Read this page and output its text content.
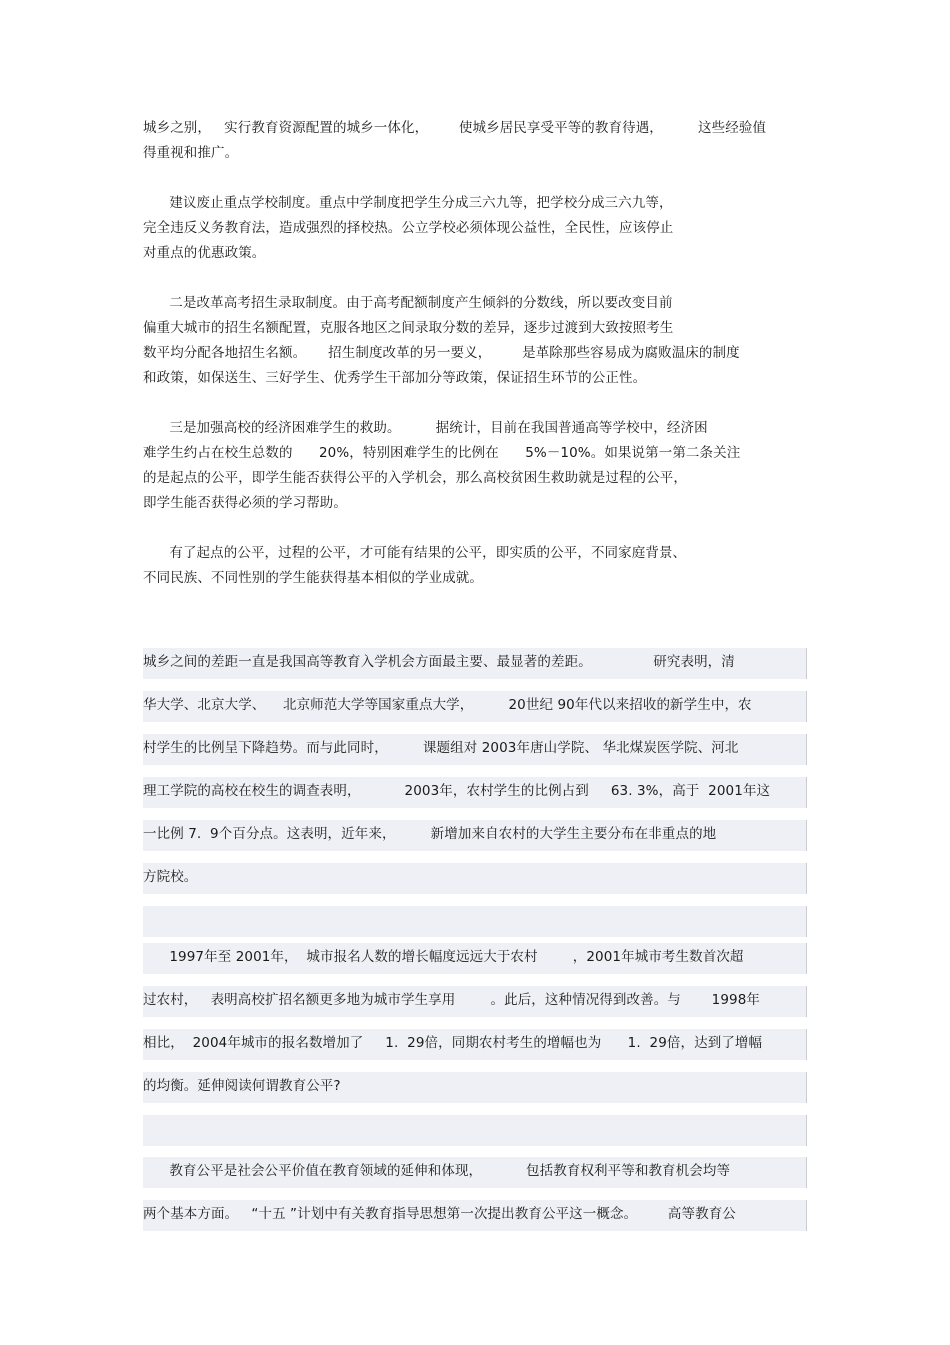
城乡之别，   实行教育资源配置的城乡一体化，       使城乡居民享受平等的教育待遇，        这些经验值
得重视和推广。
建议废止重点学校制度。重点中学制度把学生分成三六九等，把学校分成三六九等，
完全违反义务教育法，造成强烈的择校热。公立学校必须体现公益性，全民性，应该停止
对重点的优惠政策。
二是改革高考招生录取制度。由于高考配额制度产生倾斜的分数线，所以要改变目前
偏重大城市的招生名额配置，克服各地区之间录取分数的差异，逐步过渡到大致按照考生
数平均分配各地招生名额。     招生制度改革的另一要义，       是革除那些容易成为腐败温床的制度
和政策，如保送生、三好学生、优秀学生干部加分等政策，保证招生环节的公正性。
三是加强高校的经济困难学生的救助。        据统计，目前在我国普通高等学校中，经济困
难学生约占在校生总数的      20%，特别困难学生的比例在      5%－10%。如果说第一第二条关注
的是起点的公平，即学生能否获得公平的入学机会，那么高校贫困生救助就是过程的公平，
即学生能否获得必须的学习帮助。
有了起点的公平，过程的公平，才可能有结果的公平，即实质的公平，不同家庭背景、
不同民族、不同性别的学生能获得基本相似的学业成就。
城乡之间的差距一直是我国高等教育入学机会方面最主要、最显著的差距。              研究表明，清
华大学、北京大学、    北京师范大学等国家重点大学，        20世纪 90年代以来招收的新学生中，农
村学生的比例呈下降趋势。而与此同时，        课题组对 2003年唐山学院、 华北煤炭医学院、河北
理工学院的高校在校生的调查表明，          2003年，农村学生的比例占到     63. 3%，高于  2001年这
一比例 7.  9个百分点。这表明，近年来，        新增加来自农村的大学生主要分布在非重点的地
方院校。
1997年至 2001年，  城市报名人数的增长幅度远远大于农村        ，2001年城市考生数首次超
过农村，   表明高校扩招名额更多地为城市学生享用        。此后，这种情况得到改善。与       1998年
相比，  2004年城市的报名数增加了     1.  29倍，同期农村考生的增幅也为      1.  29倍，达到了增幅
的均衡。延伸阅读何谓教育公平?
教育公平是社会公平价值在教育领域的延伸和体现，          包括教育权利平等和教育机会均等
两个基本方面。   “十五 ”计划中有关教育指导思想第一次提出教育公平这一概念。       高等教育公
